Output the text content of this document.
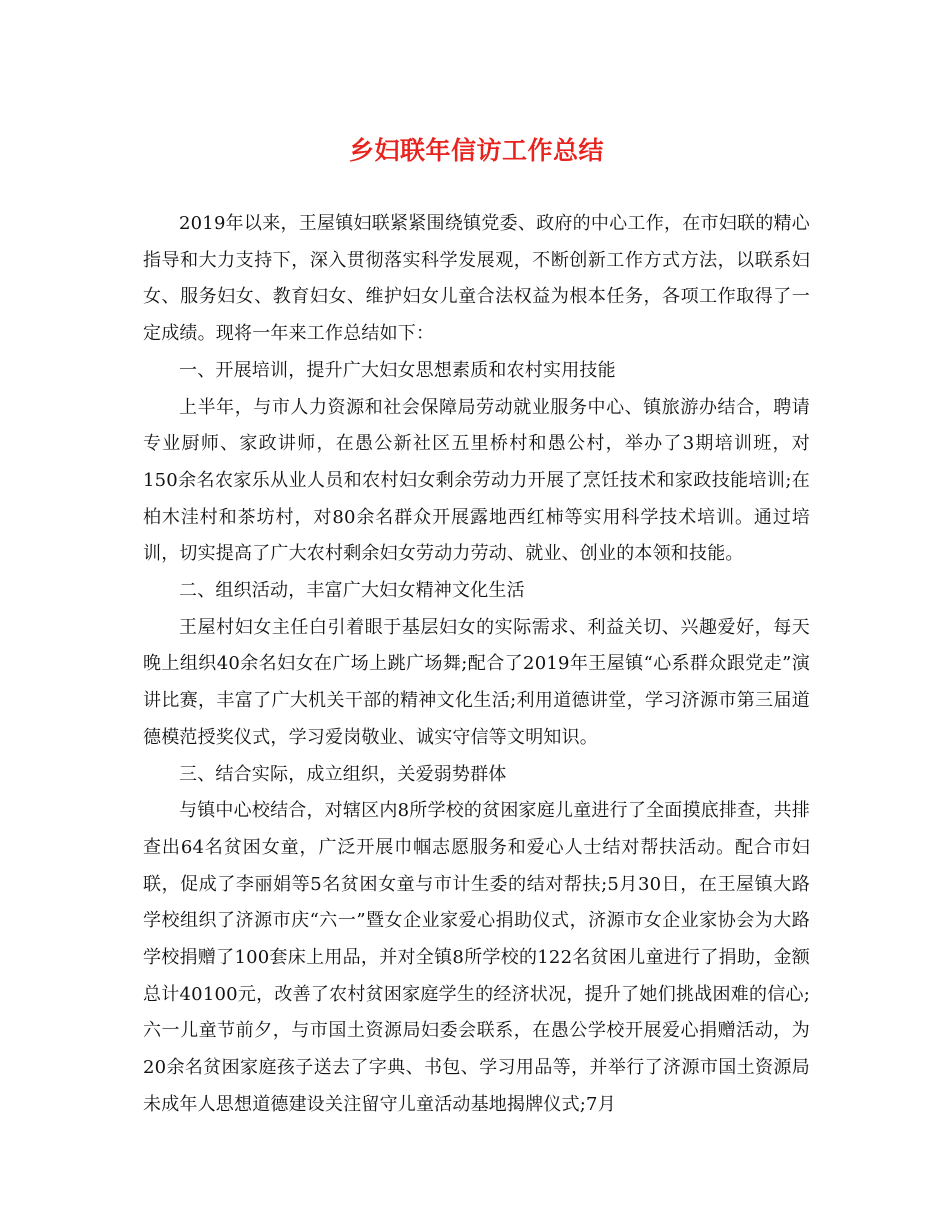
乡妇联年信访工作总结

2019年以来，王屋镇妇联紧紧围绕镇党委、政府的中心工作，在市妇联的精心指导和大力支持下，深入贯彻落实科学发展观，不断创新工作方式方法，以联系妇女、服务妇女、教育妇女、维护妇女儿童合法权益为根本任务，各项工作取得了一定成绩。现将一年来工作总结如下：

一、开展培训，提升广大妇女思想素质和农村实用技能

上半年，与市人力资源和社会保障局劳动就业服务中心、镇旅游办结合，聘请专业厨师、家政讲师，在愚公新社区五里桥村和愚公村，举办了3期培训班，对 150余名农家乐从业人员和农村妇女剩余劳动力开展了烹饪技术和家政技能培训;在柏木洼村和茶坊村，对80余名群众开展露地西红柿等实用科学技术培训。通过培训，切实提高了广大农村剩余妇女劳动力劳动、就业、创业的本领和技能。

二、组织活动，丰富广大妇女精神文化生活

王屋村妇女主任白引着眼于基层妇女的实际需求、利益关切、兴趣爱好，每天晚上组织40余名妇女在广场上跳广场舞;配合了2019年王屋镇“心系群众跟党走”演讲比赛，丰富了广大机关干部的精神文化生活;利用道德讲堂，学习济源市第三届道德模范授奖仪式，学习爱岗敬业、诚实守信等文明知识。

三、结合实际，成立组织，关爱弱势群体

与镇中心校结合，对辖区内8所学校的贫困家庭儿童进行了全面摸底排查，共排查出64名贫困女童，广泛开展巾帼志愿服务和爱心人士结对帮扶活动。配合市妇联，促成了李丽娟等5名贫困女童与市计生委的结对帮扶;5月30日，在王屋镇大路学校组织了济源市庆“六一”暨女企业家爱心捐助仪式，济源市女企业家协会为大路学校捐赠了100套床上用品，并对全镇8所学校的122名贫困儿童进行了捐助，金额总计40100元，改善了农村贫困家庭学生的经济状况，提升了她们挑战困难的信心;六一儿童节前夕，与市国土资源局妇委会联系，在愚公学校开展爱心捐赠活动，为20余名贫困家庭孩子送去了字典、书包、学习用品等，并举行了济源市国土资源局未成年人思想道德建设关注留守儿童活动基地揭牌仪式;7月
